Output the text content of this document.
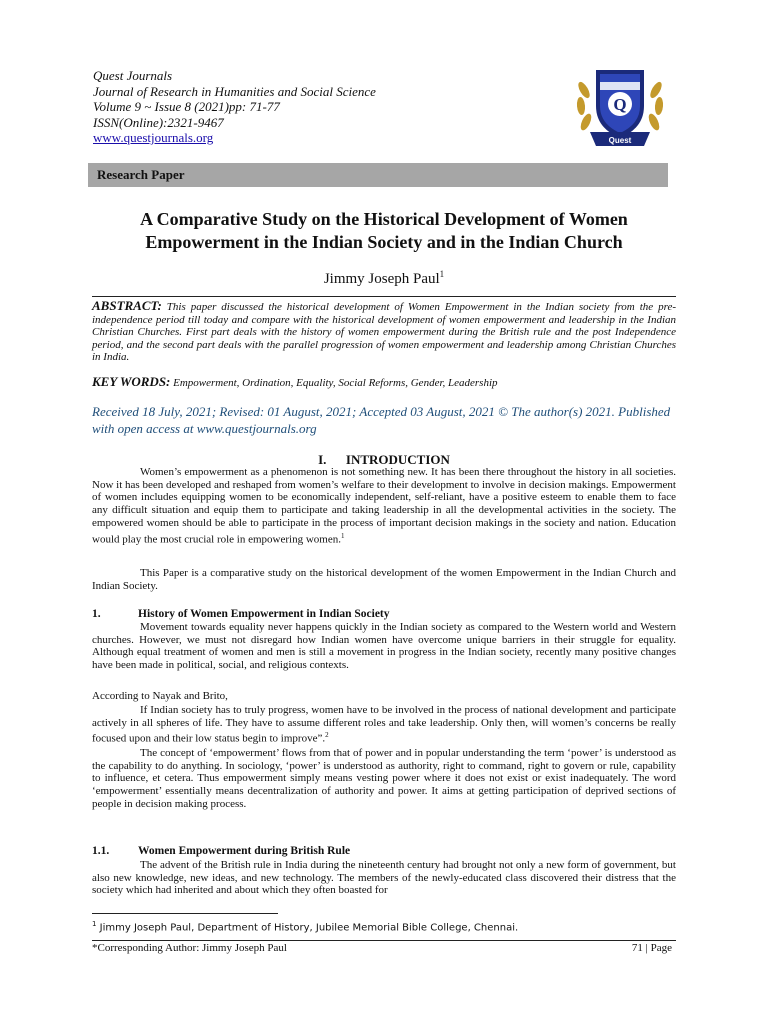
Quest Journals
Journal of Research in Humanities and Social Science
Volume 9 ~ Issue 8 (2021)pp: 71-77
ISSN(Online):2321-9467
www.questjournals.org
Q
Quest
Research Paper
A Comparative Study on the Historical Development of Women Empowerment in the Indian Society and in the Indian Church
Jimmy Joseph Paul$^1$
ABSTRACT: This paper discussed the historical development of Women Empowerment in the Indian society from the pre- independence period till today and compare with the historical development of women empowerment and leadership in the Indian Christian Churches. First part deals with the history of women empowerment during the British rule and the post Independence period, and the second part deals with the parallel progression of women empowerment and leadership among Christian Churches in India.
KEY WORDS: Empowerment, Ordination, Equality, Social Reforms, Gender, Leadership
Received 18 July, 2021; Revised: 01 August, 2021; Accepted 03 August, 2021 © The author(s) 2021. Published with open access at www.questjournals.org
I.      INTRODUCTION
Women’s empowerment as a phenomenon is not something new. It has been there throughout the history in all societies. Now it has been developed and reshaped from women’s welfare to their development to involve in decision makings. Empowerment of women includes equipping women to be economically independent, self-reliant, have a positive esteem to enable them to face any difficult situation and equip them to participate and taking leadership in all the developmental activities in the society. The empowered women should be able to participate in the process of important decision makings in the society and nation. Education would play the most crucial role in empowering women.$^1$
This Paper is a comparative study on the historical development of the women Empowerment in the Indian Church and Indian Society.
1.	History of Women Empowerment in Indian Society
Movement towards equality never happens quickly in the Indian society as compared to the Western world and Western churches. However, we must not disregard how Indian women have overcome unique barriers in their struggle for equality. Although equal treatment of women and men is still a movement in progress in the Indian society, recently many positive changes have been made in political, social, and religious contexts.
According to Nayak and Brito,
If Indian society has to truly progress, women have to be involved in the process of national development and participate actively in all spheres of life. They have to assume different roles and take leadership. Only then, will women’s concerns be really focused upon and their low status begin to improve”.$^2$
The concept of ‘empowerment’ flows from that of power and in popular understanding the term ‘power’ is understood as the capability to do anything. In sociology, ‘power’ is understood as authority, right to command, right to govern or rule, capability to influence, et cetera. Thus empowerment simply means vesting power where it does not exist or exist inadequately. The word ‘empowerment’ essentially means decentralization of authority and power. It aims at getting participation of deprived sections of people in decision making process.
1.1.	Women Empowerment during British Rule
The advent of the British rule in India during the nineteenth century had brought not only a new form of government, but also new knowledge, new ideas, and new technology. The members of the newly-educated class discovered their distress that the society which had inherited and about which they often boasted for
$^1$ Jimmy Joseph Paul, Department of History, Jubilee Memorial Bible College, Chennai.
*Corresponding Author: Jimmy Joseph Paul	71 | Page
